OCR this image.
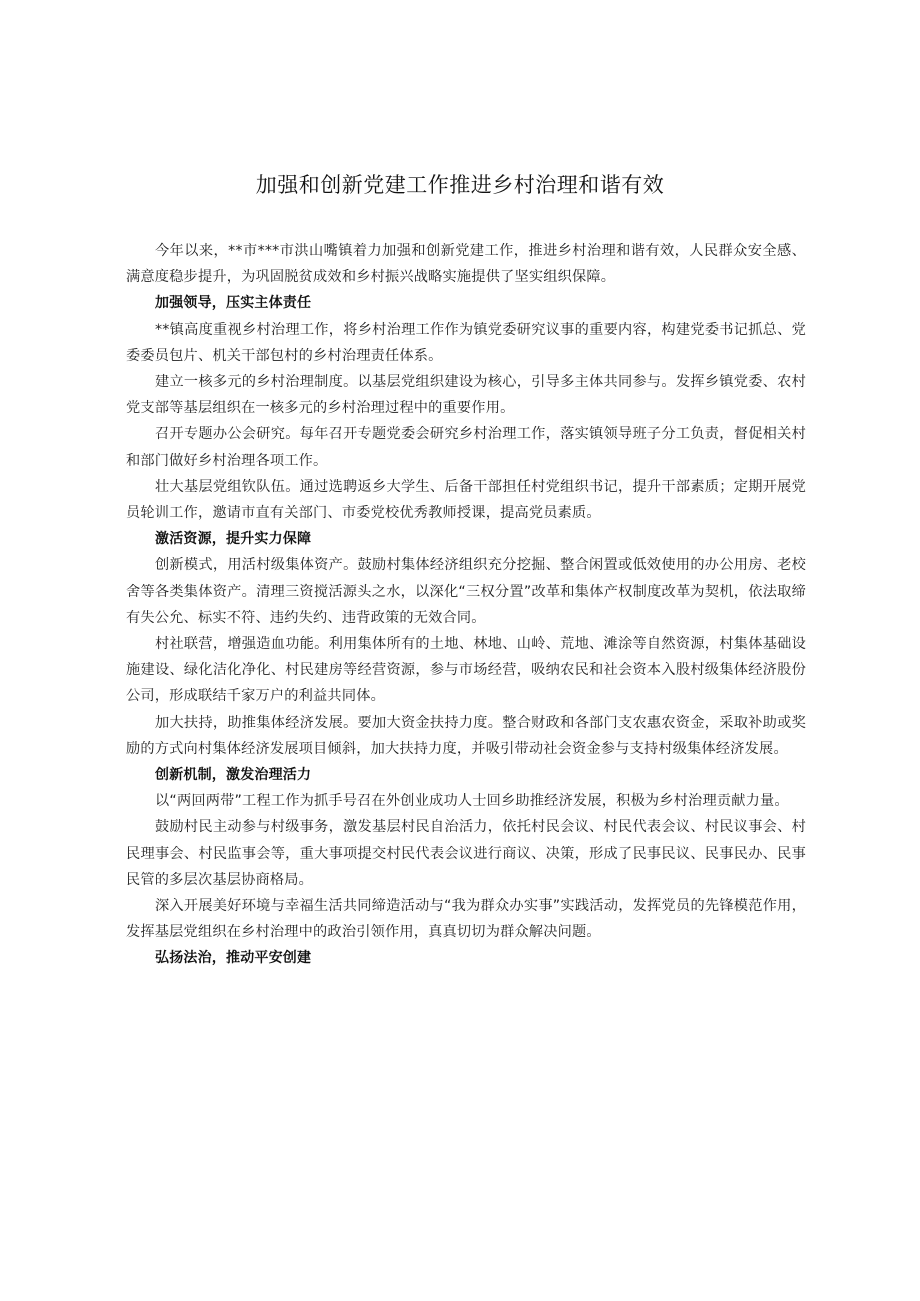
加强和创新党建工作推进乡村治理和谐有效

今年以来，**市***市洪山嘴镇着力加强和创新党建工作，推进乡村治理和谐有效，人民群众安全感、满意度稳步提升，为巩固脱贫成效和乡村振兴战略实施提供了坚实组织保障。

加强领导，压实主体责任

**镇高度重视乡村治理工作，将乡村治理工作作为镇党委研究议事的重要内容，构建党委书记抓总、党委委员包片、机关干部包村的乡村治理责任体系。

建立一核多元的乡村治理制度。以基层党组织建设为核心，引导多主体共同参与。发挥乡镇党委、农村党支部等基层组织在一核多元的乡村治理过程中的重要作用。

召开专题办公会研究。每年召开专题党委会研究乡村治理工作，落实镇领导班子分工负责，督促相关村和部门做好乡村治理各项工作。

壮大基层党组钦队伍。通过选聘返乡大学生、后备干部担任村党组织书记，提升干部素质；定期开展党员轮训工作，邀请市直有关部门、市委党校优秀教师授课，提高党员素质。

激活资源，提升实力保障

创新模式，用活村级集体资产。鼓励村集体经济组织充分挖掘、整合闲置或低效使用的办公用房、老校舍等各类集体资产。清理三资搅活源头之水，以深化“三权分置”改革和集体产权制度改革为契机，依法取缔有失公允、标实不符、违约失约、违背政策的无效合同。

村社联营，增强造血功能。利用集体所有的土地、林地、山岭、荒地、滩涂等自然资源，村集体基础设施建设、绿化洁化净化、村民建房等经营资源，参与市场经营，吸纳农民和社会资本入股村级集体经济股份公司，形成联结千家万户的利益共同体。

加大扶持，助推集体经济发展。要加大资金扶持力度。整合财政和各部门支农惠农资金，采取补助或奖励的方式向村集体经济发展项目倾斜，加大扶持力度，并吸引带动社会资金参与支持村级集体经济发展。

创新机制，激发治理活力

以“两回两带”工程工作为抓手号召在外创业成功人士回乡助推经济发展，积极为乡村治理贡献力量。

鼓励村民主动参与村级事务，激发基层村民自治活力，依托村民会议、村民代表会议、村民议事会、村民理事会、村民监事会等，重大事项提交村民代表会议进行商议、决策，形成了民事民议、民事民办、民事民管的多层次基层协商格局。

深入开展美好环境与幸福生活共同缔造活动与“我为群众办实事”实践活动，发挥党员的先锋模范作用，发挥基层党组织在乡村治理中的政治引领作用，真真切切为群众解决问题。

弘扬法治，推动平安创建
